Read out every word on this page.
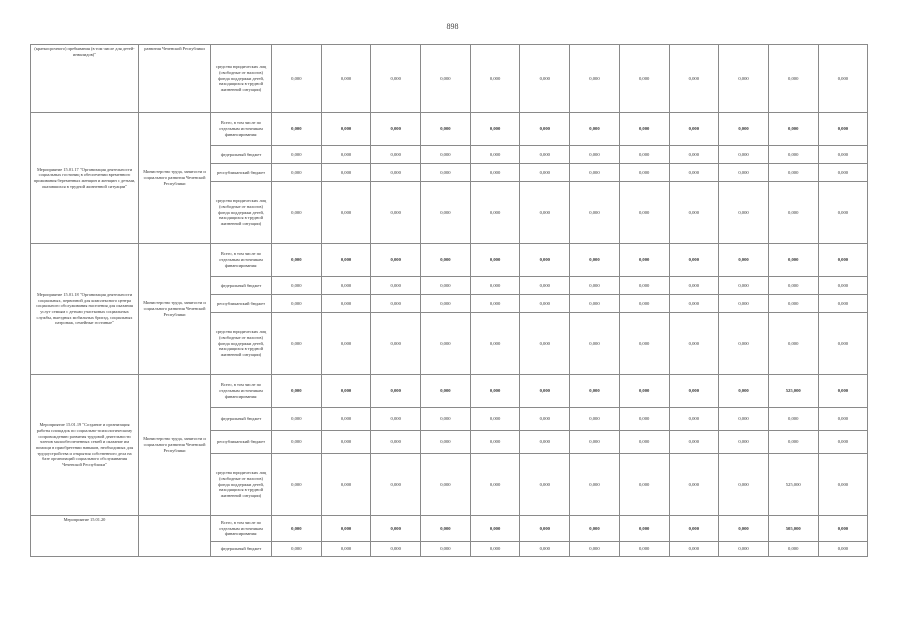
898
(краткосрочного) пребывания (в том числе для детей-инвалидов)"	развития Чеченской Республики	средства юридических лиц (свободные от налогов) фонда поддержки детей, находящихся в трудной жизненной ситуации)	0,000	0,000	0,000	0,000	0,000	0,000	0,000	0,000	0,000	0,000	0,000	0,000
Мероприятие 15.01.17 "Организация деятельности социальных гостиниц в обеспечении временного проживания беременных женщин и женщин с детьми, оказавшихся в трудной жизненной ситуации"	Министерство труда, занятости и социального развития Чеченской Республики	Всего, в том числе по отдельным источникам финансирования:	0,000	0,000	0,000	0,000	0,000	0,000	0,000	0,000	0,000	0,000	0,000	0,000
		федеральный бюджет	0,000	0,000	0,000	0,000	0,000	0,000	0,000	0,000	0,000	0,000	0,000	0,000
		республиканский бюджет	0,000	0,000	0,000	0,000	0,000	0,000	0,000	0,000	0,000	0,000	0,000	0,000
		средства юридических лиц (свободные от налогов) фонда поддержки детей, находящихся в трудной жизненной ситуации)	0,000	0,000	0,000	0,000	0,000	0,000	0,000	0,000	0,000	0,000	0,000	0,000
Мероприятие 15.01.18 "Организация деятельности социальных, первичной для комплексного центра социального обслуживания населения для оказания услуг семьям с детьми участковых социальных службы, выездных мобильных бригад, социальных патронаж, семейные гостиные"	Министерство труда, занятости и социального развития Чеченской Республики	Всего, в том числе по отдельным источникам финансирования:	0,000	0,000	0,000	0,000	0,000	0,000	0,000	0,000	0,000	0,000	0,000	0,000
		федеральный бюджет	0,000	0,000	0,000	0,000	0,000	0,000	0,000	0,000	0,000	0,000	0,000	0,000
		республиканский бюджет	0,000	0,000	0,000	0,000	0,000	0,000	0,000	0,000	0,000	0,000	0,000	0,000
		средства юридических лиц (свободные от налогов) фонда поддержки детей, находящихся в трудной жизненной ситуации)	0,000	0,000	0,000	0,000	0,000	0,000	0,000	0,000	0,000	0,000	0,000	0,000
Мероприятие 15.01.19 "Создание и организация работы площадок по социально-психологическому сопровождению развития трудовой деятельности членов малообеспеченных семей и оказание им помощи в приобретении навыков, необходимых для трудоустройства и открытия собственного дела на базе организаций социального обслуживания Чеченской Республики"	Министерство труда, занятости и социального развития Чеченской Республики	Всего, в том числе по отдельным источникам финансирования:	0,000	0,000	0,000	0,000	0,000	0,000	0,000	0,000	0,000	0,000	525,000	0,000
		федеральный бюджет	0,000	0,000	0,000	0,000	0,000	0,000	0,000	0,000	0,000	0,000	0,000	0,000
		республиканский бюджет	0,000	0,000	0,000	0,000	0,000	0,000	0,000	0,000	0,000	0,000	0,000	0,000
		средства юридических лиц (свободные от налогов) фонда поддержки детей, находящихся в трудной жизненной ситуации)	0,000	0,000	0,000	0,000	0,000	0,000	0,000	0,000	0,000	0,000	525,000	0,000
Мероприятие 15.01.20		Всего, в том числе по отдельным источникам финансирования:	0,000	0,000	0,000	0,000	0,000	0,000	0,000	0,000	0,000	0,000	505,000	0,000
		федеральный бюджет	0,000	0,000	0,000	0,000	0,000	0,000	0,000	0,000	0,000	0,000	0,000	0,000
